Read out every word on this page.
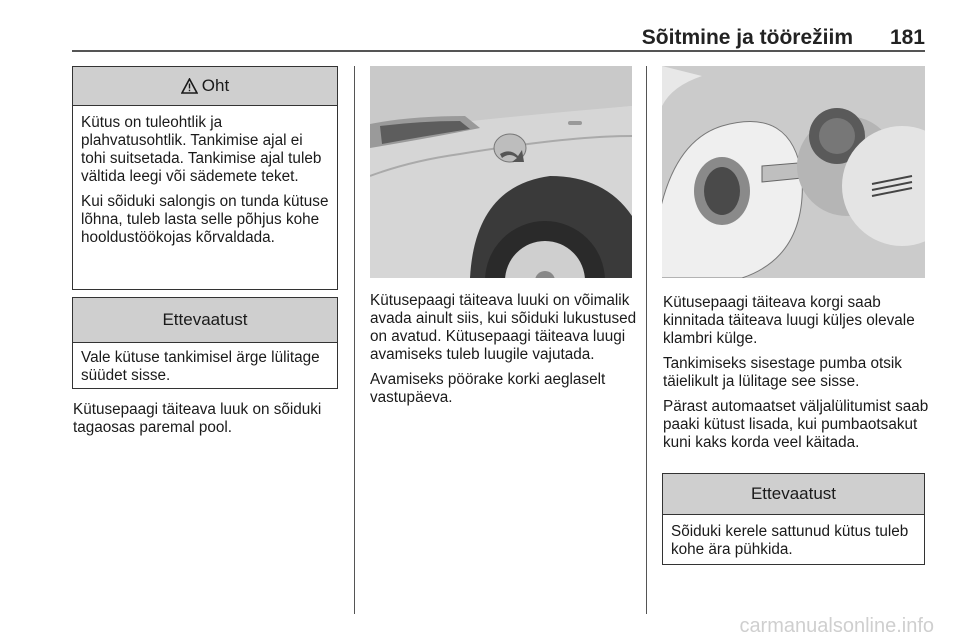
Sõitmine ja töörežiim 181
Oht

Kütus on tuleohtlik ja plahvatusohtlik. Tankimise ajal ei tohi suitsetada. Tankimise ajal tuleb vältida leegi või sädemete teket.

Kui sõiduki salongis on tunda kütuse lõhna, tuleb lasta selle põhjus kohe hooldustöökojas kõrvaldada.

Ettevaatust

Vale kütuse tankimisel ärge lülitage süüdet sisse.

Kütusepaagi täiteava luuk on sõiduki tagaosas paremal pool.

Kütusepaagi täiteava luuki on võimalik avada ainult siis, kui sõiduki lukustused on avatud. Kütusepaagi täiteava luugi avamiseks tuleb luugile vajutada.

Avamiseks pöörake korki aeglaselt vastupäeva.

Kütusepaagi täiteava korgi saab kinnitada täiteava luugi küljes olevale klambri külge.

Tankimiseks sisestage pumba otsik täielikult ja lülitage see sisse.

Pärast automaatset väljalülitumist saab paaki kütust lisada, kui pumbaotsakut kuni kaks korda veel käitada.

Ettevaatust

Sõiduki kerele sattunud kütus tuleb kohe ära pühkida.

carmanualsonline.info
